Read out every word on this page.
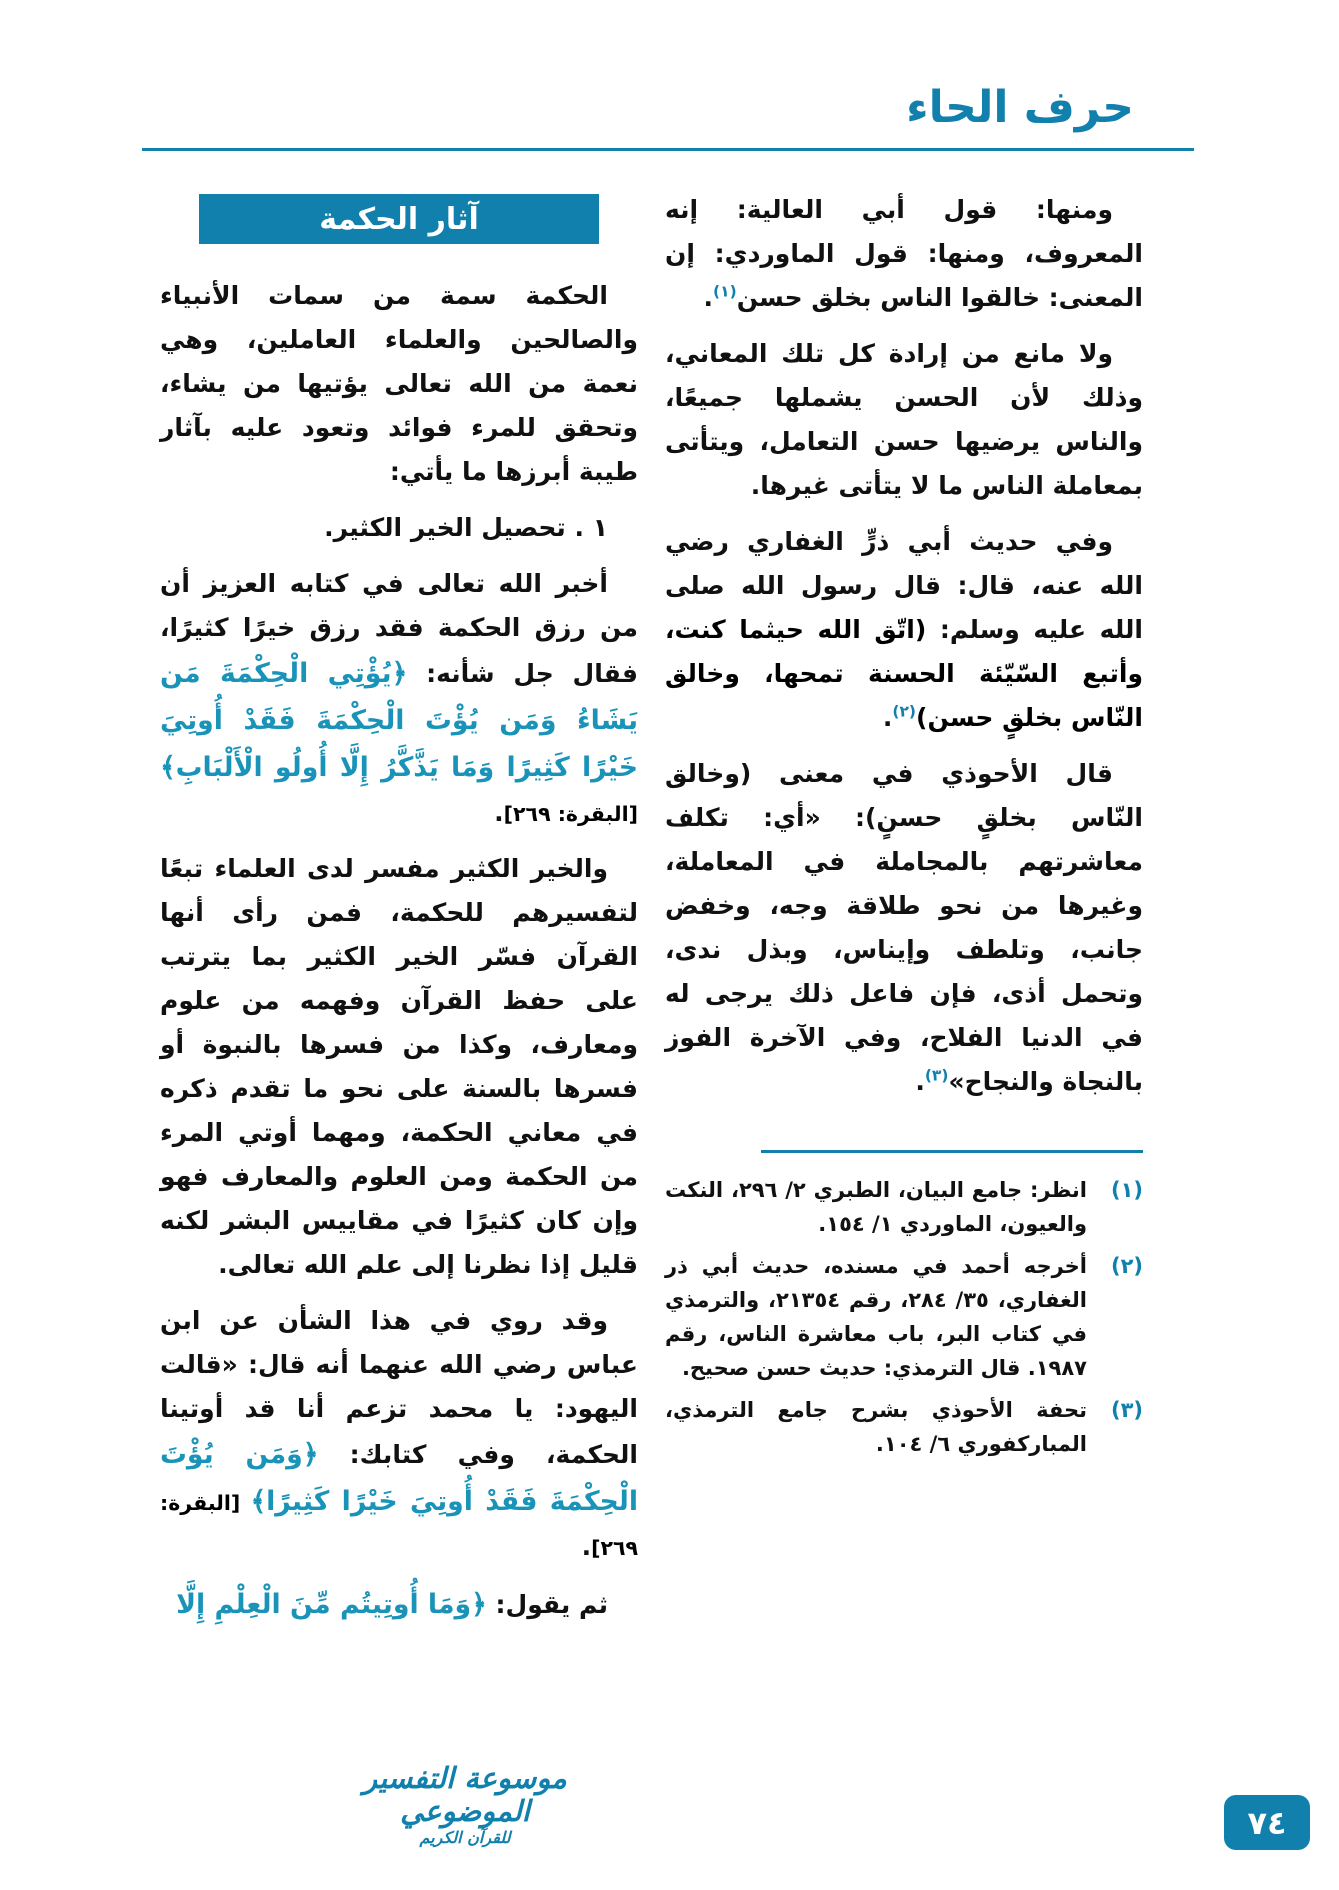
حرف الحاء

ومنها: قول أبي العالية: إنه المعروف، ومنها: قول الماوردي: إن المعنى: خالقوا الناس بخلق حسن$^{(١)}$.

ولا مانع من إرادة كل تلك المعاني، وذلك لأن الحسن يشملها جميعًا، والناس يرضيها حسن التعامل، ويتأتى بمعاملة الناس ما لا يتأتى غيرها.

وفي حديث أبي ذرٍّ الغفاري رضي الله عنه، قال: قال رسول الله صلى الله عليه وسلم: (اتّق الله حيثما كنت، وأتبع السّيّئة الحسنة تمحها، وخالق النّاس بخلقٍ حسن)$^{(٢)}$.

قال الأحوذي في معنى (وخالق النّاس بخلقٍ حسنٍ): «أي: تكلف معاشرتهم بالمجاملة في المعاملة، وغيرها من نحو طلاقة وجه، وخفض جانب، وتلطف وإيناس، وبذل ندى، وتحمل أذى، فإن فاعل ذلك يرجى له في الدنيا الفلاح، وفي الآخرة الفوز بالنجاة والنجاح»$^{(٣)}$.

(١)
انظر: جامع البيان، الطبري ٢/ ٢٩٦، النكت والعيون، الماوردي ١/ ١٥٤.
(٢)
أخرجه أحمد في مسنده، حديث أبي ذر الغفاري، ٣٥/ ٢٨٤، رقم ٢١٣٥٤، والترمذي في كتاب البر، باب معاشرة الناس، رقم ١٩٨٧. قال الترمذي: حديث حسن صحيح.
(٣)
تحفة الأحوذي بشرح جامع الترمذي، المباركفوري ٦/ ١٠٤.
آثار الحكمة

الحكمة سمة من سمات الأنبياء والصالحين والعلماء العاملين، وهي نعمة من الله تعالى يؤتيها من يشاء، وتحقق للمرء فوائد وتعود عليه بآثار طيبة أبرزها ما يأتي:

١ . تحصيل الخير الكثير.

أخبر الله تعالى في كتابه العزيز أن من رزق الحكمة فقد رزق خيرًا كثيرًا، فقال جل شأنه: ﴿يُؤْتِي الْحِكْمَةَ مَن يَشَاءُ وَمَن يُؤْتَ الْحِكْمَةَ فَقَدْ أُوتِيَ خَيْرًا كَثِيرًا وَمَا يَذَّكَّرُ إِلَّا أُولُو الْأَلْبَابِ﴾ [البقرة: ٢٦٩].

والخير الكثير مفسر لدى العلماء تبعًا لتفسيرهم للحكمة، فمن رأى أنها القرآن فسّر الخير الكثير بما يترتب على حفظ القرآن وفهمه من علوم ومعارف، وكذا من فسرها بالنبوة أو فسرها بالسنة على نحو ما تقدم ذكره في معاني الحكمة، ومهما أوتي المرء من الحكمة ومن العلوم والمعارف فهو وإن كان كثيرًا في مقاييس البشر لكنه قليل إذا نظرنا إلى علم الله تعالى.

وقد روي في هذا الشأن عن ابن عباس رضي الله عنهما أنه قال: «قالت اليهود: يا محمد تزعم أنا قد أوتينا الحكمة، وفي كتابك: ﴿وَمَن يُؤْتَ الْحِكْمَةَ فَقَدْ أُوتِيَ خَيْرًا كَثِيرًا﴾ [البقرة: ٢٦٩].

ثم يقول: ﴿وَمَا أُوتِيتُم مِّنَ الْعِلْمِ إِلَّا

موسوعة التفسير الموضوعي
للقرآن الكريم	٧٤
